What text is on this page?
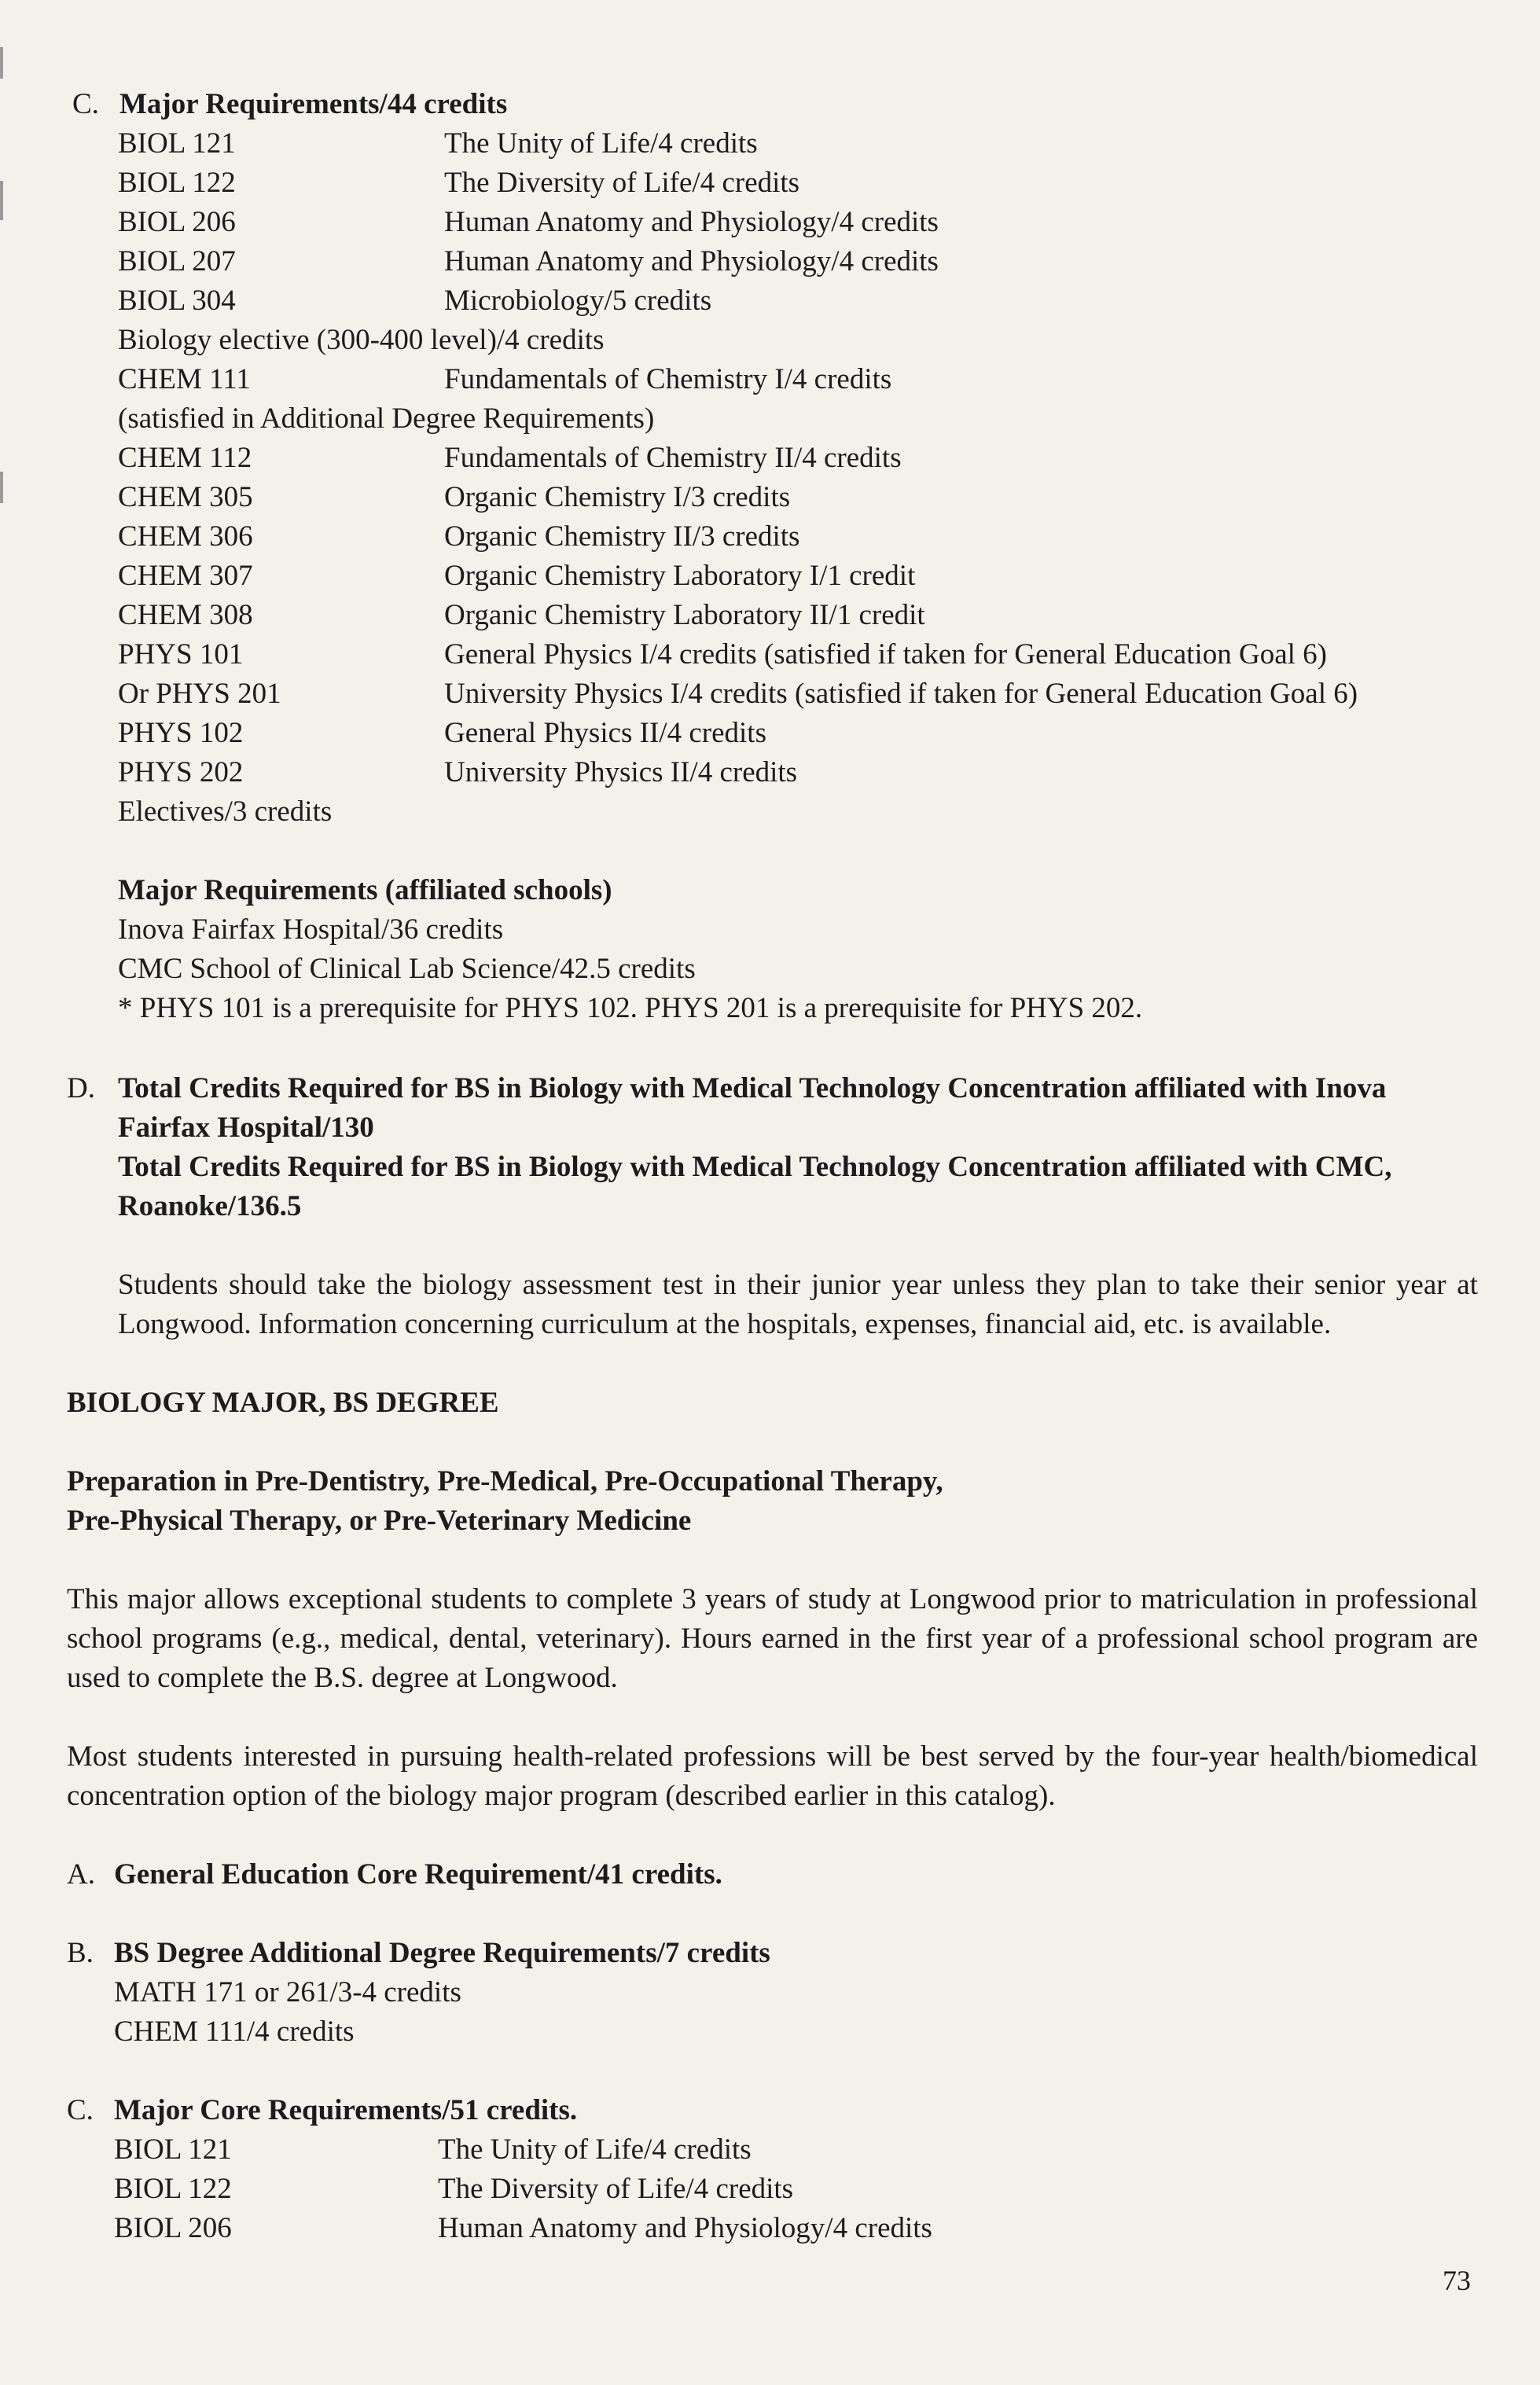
C. Major Requirements/44 credits
BIOL 121	The Unity of Life/4 credits
BIOL 122	The Diversity of Life/4 credits
BIOL 206	Human Anatomy and Physiology/4 credits
BIOL 207	Human Anatomy and Physiology/4 credits
BIOL 304	Microbiology/5 credits
Biology elective (300-400 level)/4 credits
CHEM 111	Fundamentals of Chemistry I/4 credits
(satisfied in Additional Degree Requirements)
CHEM 112	Fundamentals of Chemistry II/4 credits
CHEM 305	Organic Chemistry I/3 credits
CHEM 306	Organic Chemistry II/3 credits
CHEM 307	Organic Chemistry Laboratory I/1 credit
CHEM 308	Organic Chemistry Laboratory II/1 credit
PHYS 101	General Physics I/4 credits (satisfied if taken for General Education Goal 6)
Or PHYS 201	University Physics I/4 credits (satisfied if taken for General Education Goal 6)
PHYS 102	General Physics II/4 credits
PHYS 202	University Physics II/4 credits
Electives/3 credits
Major Requirements (affiliated schools)
Inova Fairfax Hospital/36 credits
CMC School of Clinical Lab Science/42.5 credits
* PHYS 101 is a prerequisite for PHYS 102. PHYS 201 is a prerequisite for PHYS 202.
D. Total Credits Required for BS in Biology with Medical Technology Concentration affiliated with Inova
Fairfax Hospital/130
Total Credits Required for BS in Biology with Medical Technology Concentration affiliated with CMC,
Roanoke/136.5
Students should take the biology assessment test in their junior year unless they plan to take their senior year at Longwood. Information concerning curriculum at the hospitals, expenses, financial aid, etc. is available.
BIOLOGY MAJOR, BS DEGREE
Preparation in Pre-Dentistry, Pre-Medical, Pre-Occupational Therapy,
Pre-Physical Therapy, or Pre-Veterinary Medicine
This major allows exceptional students to complete 3 years of study at Longwood prior to matriculation in professional school programs (e.g., medical, dental, veterinary). Hours earned in the first year of a professional school program are used to complete the B.S. degree at Longwood.
Most students interested in pursuing health-related professions will be best served by the four-year health/biomedical concentration option of the biology major program (described earlier in this catalog).
A. General Education Core Requirement/41 credits.
B. BS Degree Additional Degree Requirements/7 credits
MATH 171 or 261/3-4 credits
CHEM 111/4 credits
C. Major Core Requirements/51 credits.
BIOL 121	The Unity of Life/4 credits
BIOL 122	The Diversity of Life/4 credits
BIOL 206	Human Anatomy and Physiology/4 credits
73
